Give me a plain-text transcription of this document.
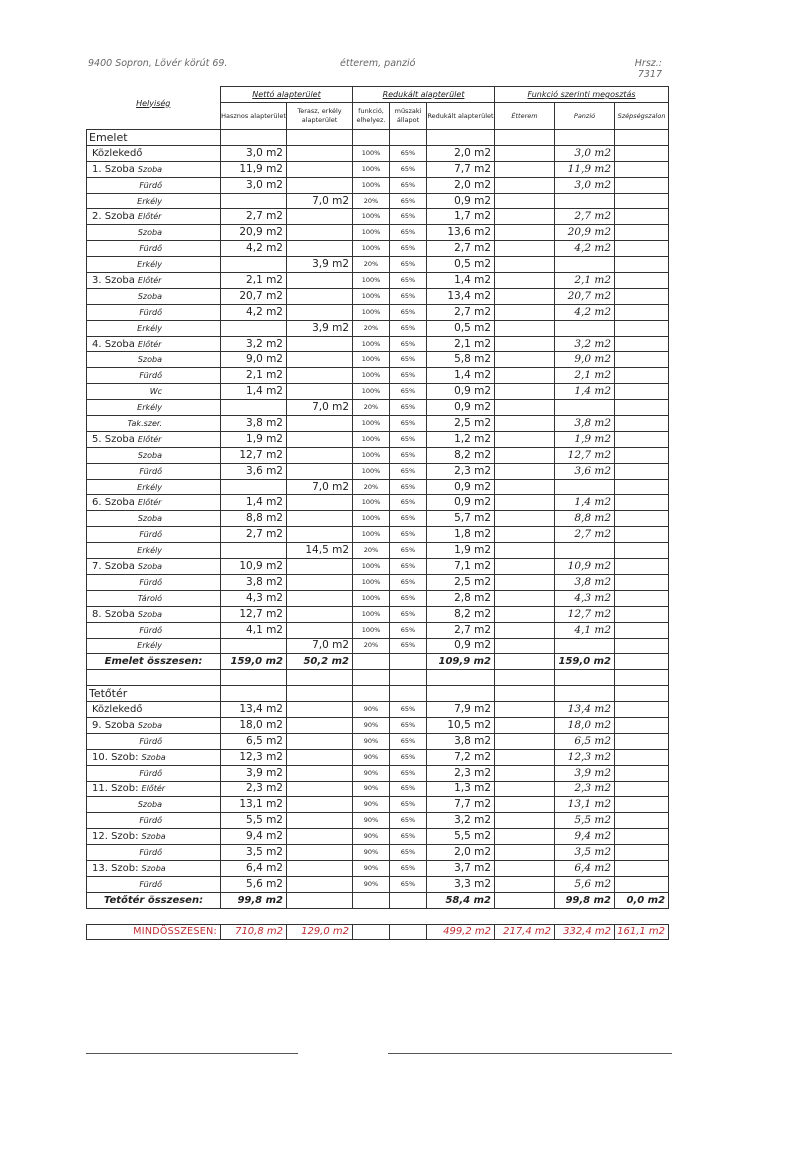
9400 Sopron, Lövér körút 69.	étterem, panzió	Hrsz.: 7317
Helyiség	Nettó alapterület		Redukált alapterület			Funkció szerinti megosztás		
	Hasznos alapterület	Terasz, erkély alapterület	funkció, elhelyez.	műszaki állapot	Redukált alapterület	Étterem	Panzió	Szépségszalon
Emelet								
Közlekedő	3,0 m2		100%	65%	2,0 m2		3,0 m2	
1. Szoba Szoba	11,9 m2		100%	65%	7,7 m2		11,9 m2	
Fürdő	3,0 m2		100%	65%	2,0 m2		3,0 m2	
Erkély		7,0 m2	20%	65%	0,9 m2			
2. Szoba Előtér	2,7 m2		100%	65%	1,7 m2		2,7 m2	
Szoba	20,9 m2		100%	65%	13,6 m2		20,9 m2	
Fürdő	4,2 m2		100%	65%	2,7 m2		4,2 m2	
Erkély		3,9 m2	20%	65%	0,5 m2			
3. Szoba Előtér	2,1 m2		100%	65%	1,4 m2		2,1 m2	
Szoba	20,7 m2		100%	65%	13,4 m2		20,7 m2	
Fürdő	4,2 m2		100%	65%	2,7 m2		4,2 m2	
Erkély		3,9 m2	20%	65%	0,5 m2			
4. Szoba Előtér	3,2 m2		100%	65%	2,1 m2		3,2 m2	
Szoba	9,0 m2		100%	65%	5,8 m2		9,0 m2	
Fürdő	2,1 m2		100%	65%	1,4 m2		2,1 m2	
Wc	1,4 m2		100%	65%	0,9 m2		1,4 m2	
Erkély		7,0 m2	20%	65%	0,9 m2			
Tak.szer.	3,8 m2		100%	65%	2,5 m2		3,8 m2	
5. Szoba Előtér	1,9 m2		100%	65%	1,2 m2		1,9 m2	
Szoba	12,7 m2		100%	65%	8,2 m2		12,7 m2	
Fürdő	3,6 m2		100%	65%	2,3 m2		3,6 m2	
Erkély		7,0 m2	20%	65%	0,9 m2			
6. Szoba Előtér	1,4 m2		100%	65%	0,9 m2		1,4 m2	
Szoba	8,8 m2		100%	65%	5,7 m2		8,8 m2	
Fürdő	2,7 m2		100%	65%	1,8 m2		2,7 m2	
Erkély		14,5 m2	20%	65%	1,9 m2			
7. Szoba Szoba	10,9 m2		100%	65%	7,1 m2		10,9 m2	
Fürdő	3,8 m2		100%	65%	2,5 m2		3,8 m2	
Tároló	4,3 m2		100%	65%	2,8 m2		4,3 m2	
8. Szoba Szoba	12,7 m2		100%	65%	8,2 m2		12,7 m2	
Fürdő	4,1 m2		100%	65%	2,7 m2		4,1 m2	
Erkély		7,0 m2	20%	65%	0,9 m2			
Emelet összesen:	159,0 m2	50,2 m2			109,9 m2		159,0 m2	

Tetőtér								
Közlekedő	13,4 m2		90%	65%	7,9 m2		13,4 m2	
9. Szoba Szoba	18,0 m2		90%	65%	10,5 m2		18,0 m2	
Fürdő	6,5 m2		90%	65%	3,8 m2		6,5 m2	
10. Szob: Szoba	12,3 m2		90%	65%	7,2 m2		12,3 m2	
Fürdő	3,9 m2		90%	65%	2,3 m2		3,9 m2	
11. Szob: Előtér	2,3 m2		90%	65%	1,3 m2		2,3 m2	
Szoba	13,1 m2		90%	65%	7,7 m2		13,1 m2	
Fürdő	5,5 m2		90%	65%	3,2 m2		5,5 m2	
12. Szob: Szoba	9,4 m2		90%	65%	5,5 m2		9,4 m2	
Fürdő	3,5 m2		90%	65%	2,0 m2		3,5 m2	
13. Szob: Szoba	6,4 m2		90%	65%	3,7 m2		6,4 m2	
Fürdő	5,6 m2		90%	65%	3,3 m2		5,6 m2	
Tetőtér összesen:	99,8 m2				58,4 m2		99,8 m2	0,0 m2

MINDÖSSZESEN:	710,8 m2	129,0 m2			499,2 m2	217,4 m2	332,4 m2	161,1 m2
